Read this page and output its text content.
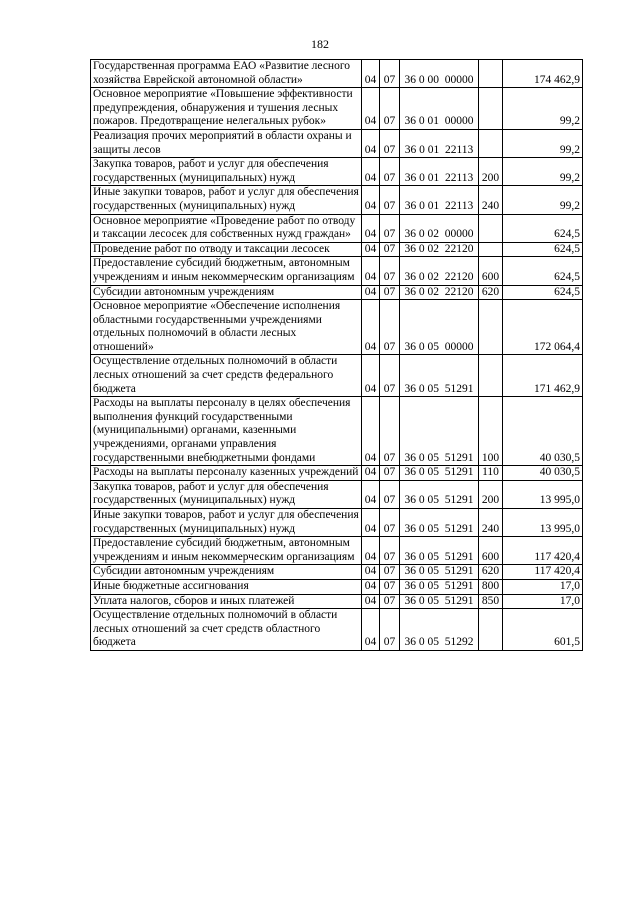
182
Государственная программа ЕАО «Развитие лесного хозяйства Еврейской автономной области»	04	07	36 0 00 00000		174 462,9
Основное мероприятие «Повышение эффективности предупреждения, обнаружения и тушения лесных пожаров. Предотвращение нелегальных рубок»	04	07	36 0 01 00000		99,2
Реализация прочих мероприятий в области охраны и защиты лесов	04	07	36 0 01 22113		99,2
Закупка товаров, работ и услуг для обеспечения государственных (муниципальных) нужд	04	07	36 0 01 22113	200	99,2
Иные закупки товаров, работ и услуг для обеспечения государственных (муниципальных) нужд	04	07	36 0 01 22113	240	99,2
Основное мероприятие «Проведение работ по отводу и таксации лесосек для собственных нужд граждан»	04	07	36 0 02 00000		624,5
Проведение работ по отводу и таксации лесосек	04	07	36 0 02 22120		624,5
Предоставление субсидий бюджетным, автономным учреждениям и иным некоммерческим организациям	04	07	36 0 02 22120	600	624,5
Субсидии автономным учреждениям	04	07	36 0 02 22120	620	624,5
Основное мероприятие «Обеспечение исполнения областными государственными учреждениями отдельных полномочий в области лесных отношений»	04	07	36 0 05 00000		172 064,4
Осуществление отдельных полномочий в области лесных отношений за счет средств федерального бюджета	04	07	36 0 05 51291		171 462,9
Расходы на выплаты персоналу в целях обеспечения выполнения функций государственными (муниципальными) органами, казенными учреждениями, органами управления государственными внебюджетными фондами	04	07	36 0 05 51291	100	40 030,5
Расходы на выплаты персоналу казенных учреждений	04	07	36 0 05 51291	110	40 030,5
Закупка товаров, работ и услуг для обеспечения государственных (муниципальных) нужд	04	07	36 0 05 51291	200	13 995,0
Иные закупки товаров, работ и услуг для обеспечения государственных (муниципальных) нужд	04	07	36 0 05 51291	240	13 995,0
Предоставление субсидий бюджетным, автономным учреждениям и иным некоммерческим организациям	04	07	36 0 05 51291	600	117 420,4
Субсидии автономным учреждениям	04	07	36 0 05 51291	620	117 420,4
Иные бюджетные ассигнования	04	07	36 0 05 51291	800	17,0
Уплата налогов, сборов и иных платежей	04	07	36 0 05 51291	850	17,0
Осуществление отдельных полномочий в области лесных отношений за счет средств областного бюджета	04	07	36 0 05 51292		601,5
